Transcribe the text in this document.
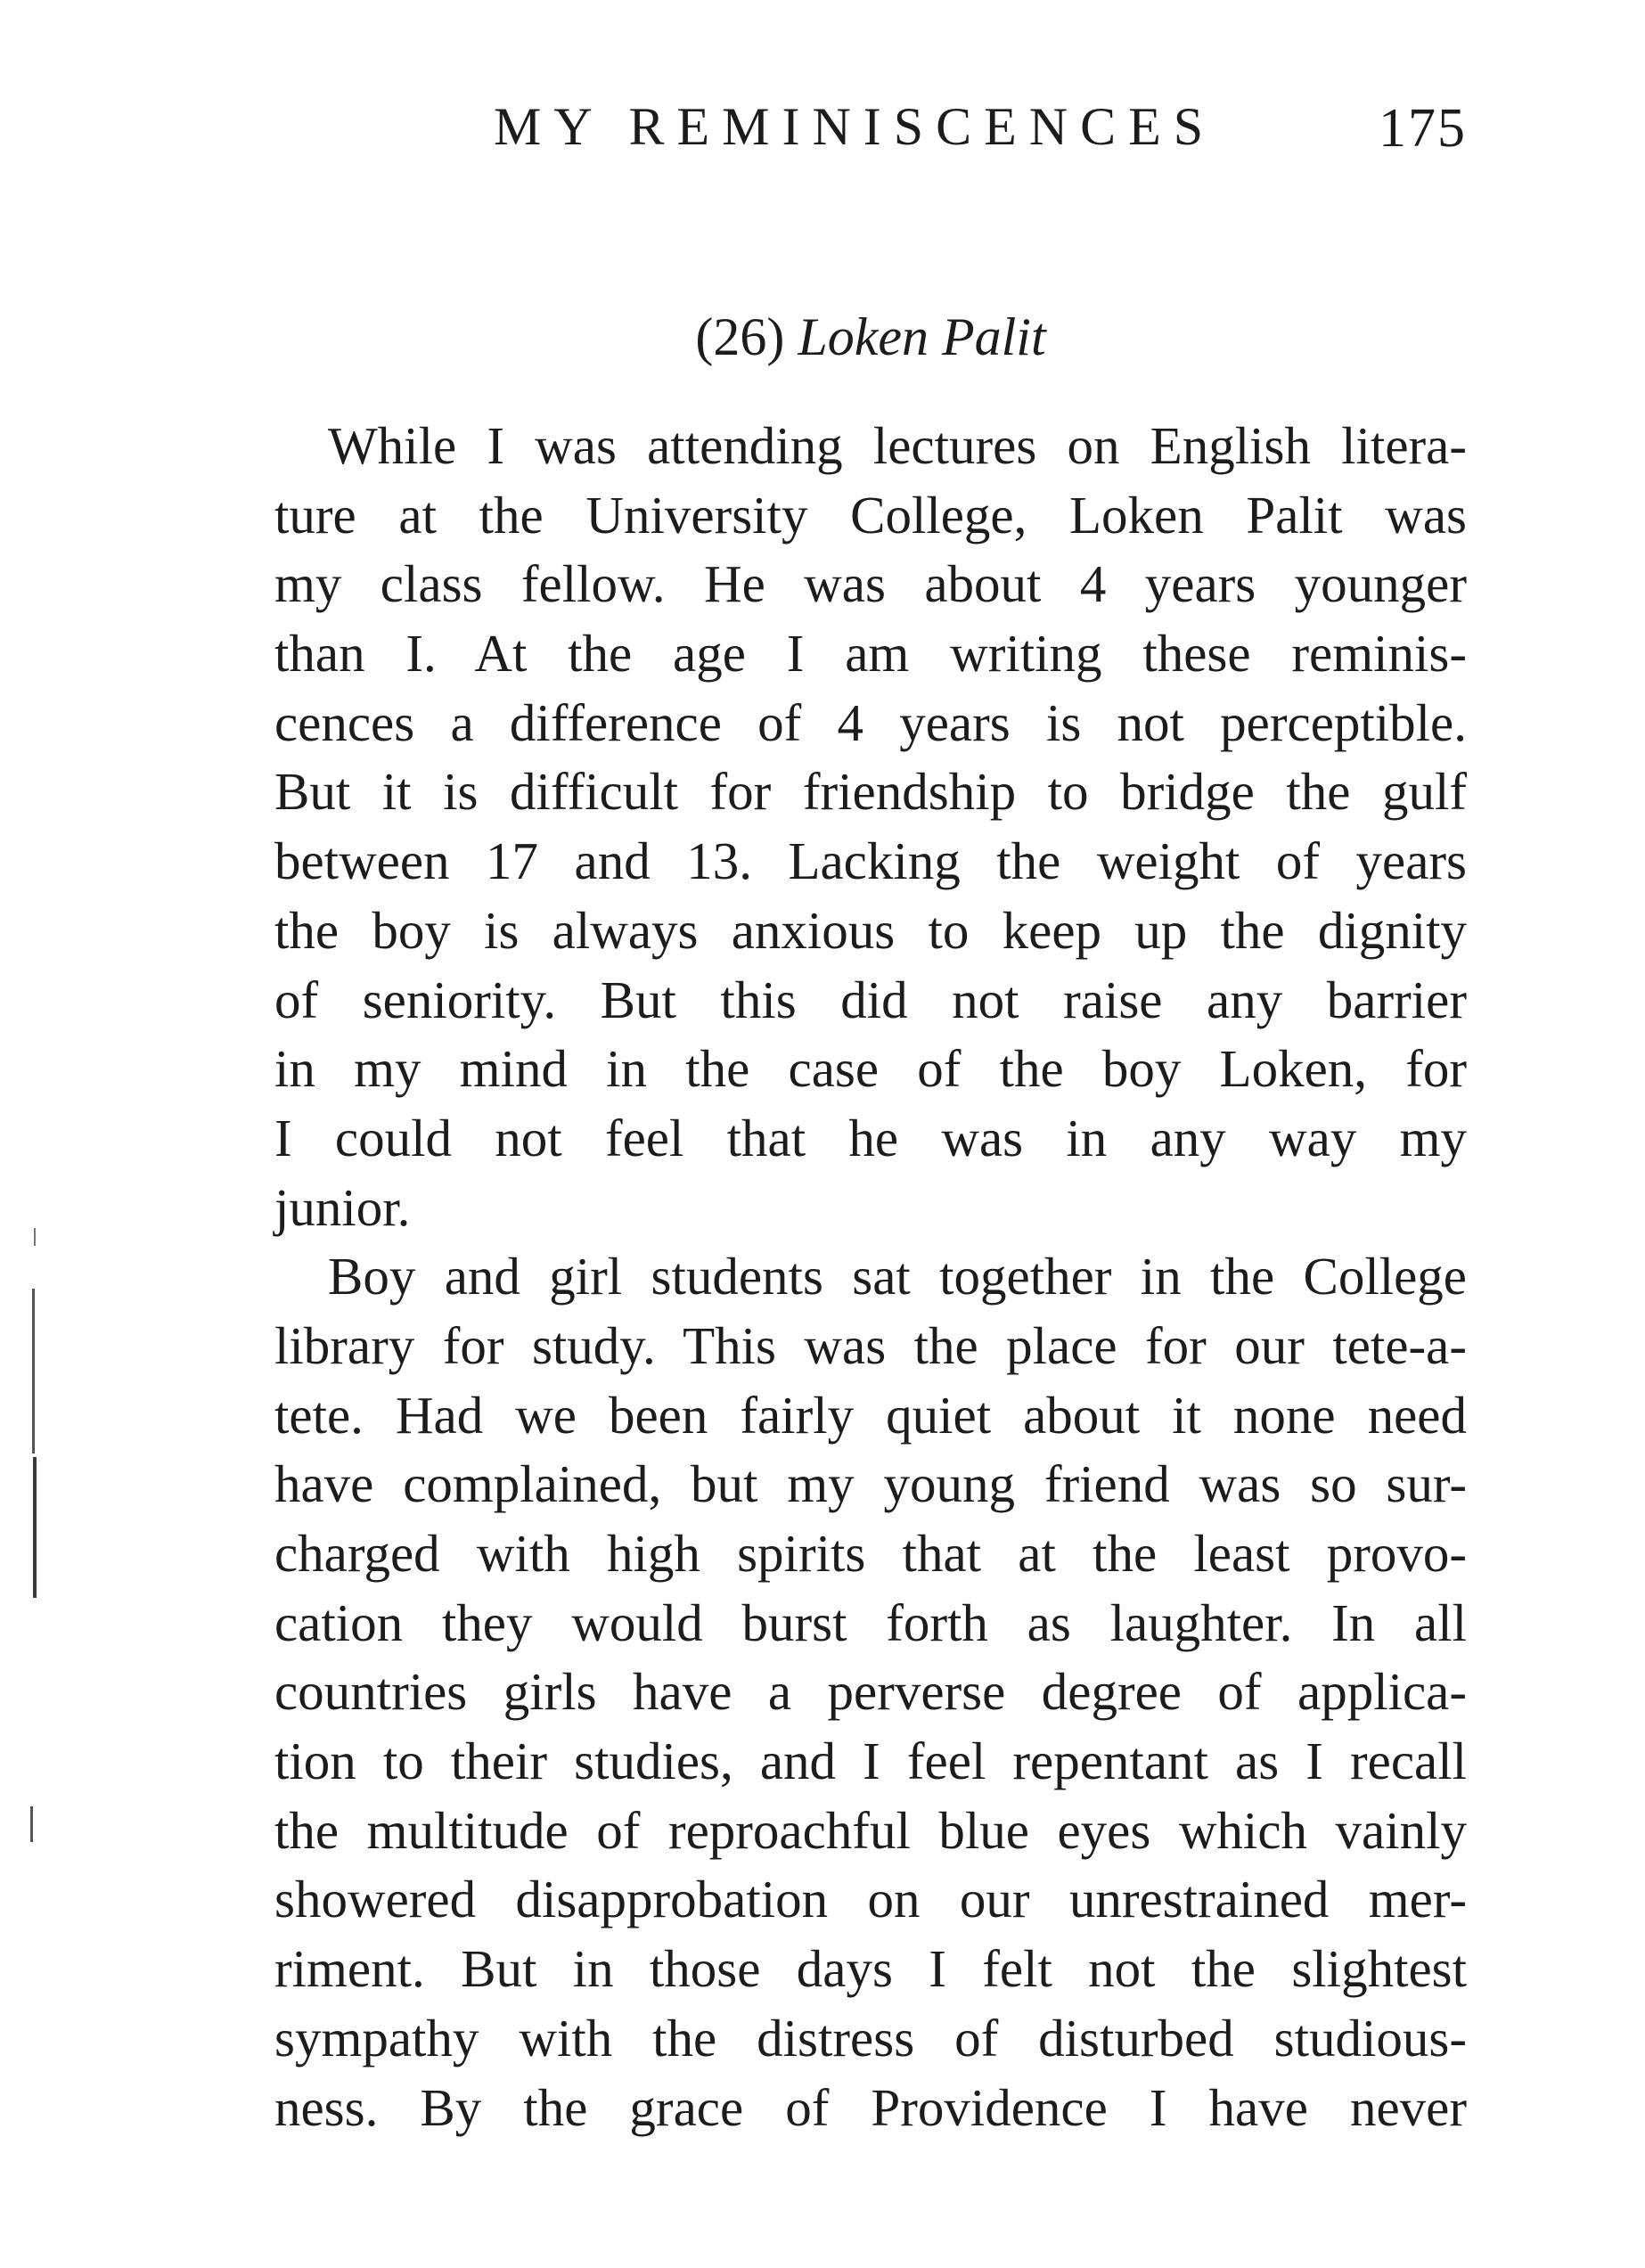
MY REMINISCENCES	175
(26) Loken Palit
While I was attending lectures on English litera-
ture at the University College, Loken Palit was
my class fellow. He was about 4 years younger
than I. At the age I am writing these reminis-
cences a difference of 4 years is not perceptible.
But it is difficult for friendship to bridge the gulf
between 17 and 13. Lacking the weight of years
the boy is always anxious to keep up the dignity
of seniority. But this did not raise any barrier
in my mind in the case of the boy Loken, for
I could not feel that he was in any way my
junior.
Boy and girl students sat together in the College
library for study. This was the place for our tete-a-
tete. Had we been fairly quiet about it none need
have complained, but my young friend was so sur-
charged with high spirits that at the least provo-
cation they would burst forth as laughter. In all
countries girls have a perverse degree of applica-
tion to their studies, and I feel repentant as I recall
the multitude of reproachful blue eyes which vainly
showered disapprobation on our unrestrained mer-
riment. But in those days I felt not the slightest
sympathy with the distress of disturbed studious-
ness. By the grace of Providence I have never
